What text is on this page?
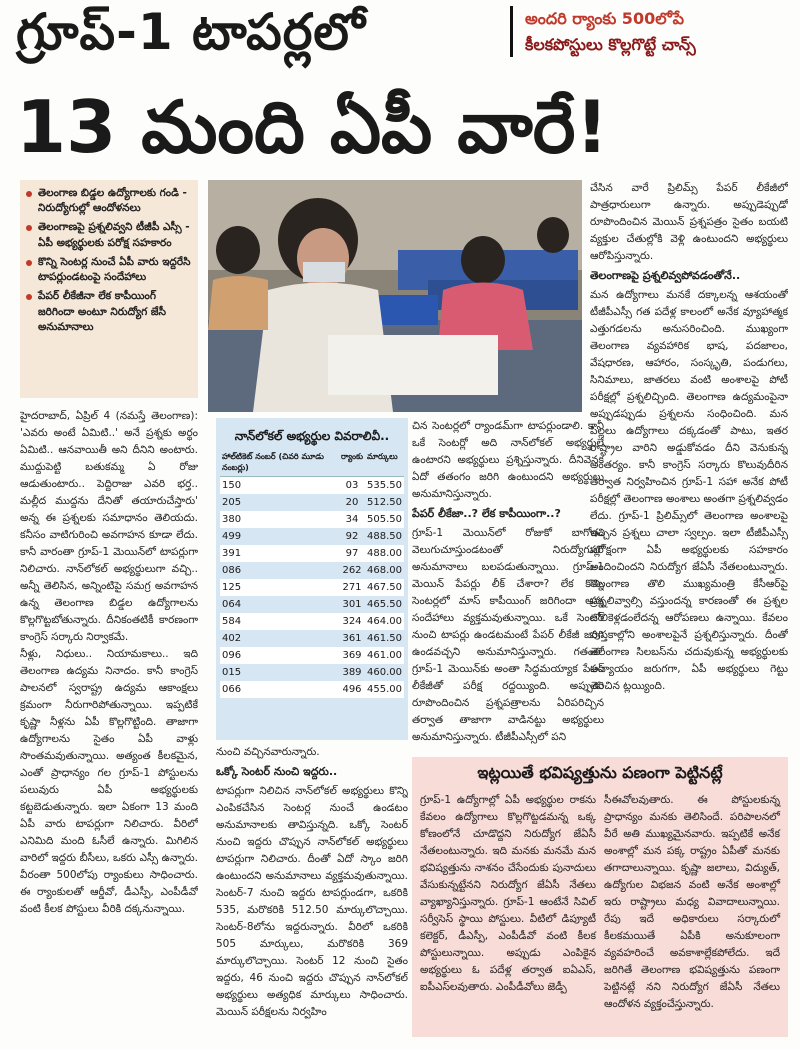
గ్రూప్-1 టాపర్లలో
13 మంది ఏపీ వారే!
అందరి ర్యాంకు 500లోపే
కీలకపోస్టులు కొల్లగొట్టే చాన్స్
తెలంగాణ బిడ్డల ఉద్యోగాలకు గండి - నిరుద్యోగుల్లో ఆందోళనలు
తెలంగాణపై ప్రశ్నలివ్వని టీజీపీ ఎస్సీ - ఏపీ అభ్యర్థులకు పరోక్ష సహకారం
కొన్ని సెంటర్ల నుంచే ఏపీ వారు ఇద్దరేసి టాపర్లుండటంపై సందేహాలు
పేపర్ లీకేజీనా లేక కాపీయింగ్ జరిగిందా అంటూ నిరుద్యోగ జేసీ అనుమానాలు

హైదరాబాద్, ఏప్రిల్ 4 (నమస్తే తెలంగాణ): 'ఎవరు అంటే ఏమిటి..' అనే ప్రశ్నకు అర్థం ఏమిటి.. ఆనవాయితీ అని దీనిని అంటారు. ముద్దుపెట్టి బతుకమ్మ ఏ రోజు ఆడుతుంటారు.. పెద్దిరాజు ఎవరి భర్త.. మల్లీద ముద్దను దేనితో తయారుచేస్తారు' అన్న ఈ ప్రశ్నలకు సమాధానం తెలియదు. కనీసం వాటిగురించి అవగాహన కూడా లేదు. కానీ వారంతా గ్రూప్-1 మెయిన్‌లో టాపర్లుగా నిలిచారు. నాన్‌లోకల్ అభ్యర్థులుగా వచ్చి.. అన్నీ తెలిసిన, అన్నింటిపై సమగ్ర అవగాహన ఉన్న తెలంగాణ బిడ్డల ఉద్యోగాలను కొల్లగొట్టబోతున్నారు. దీనికంతటికీ కారణంగా కాంగ్రెస్ సర్కారు నిర్వాకమే.

నీళ్లు, నిధులు.. నియామకాలు.. ఇది తెలంగాణ ఉద్యమ నినాదం. కానీ కాంగ్రెస్ పాలనలో స్వరాష్ట్ర ఉద్యమ ఆకాంక్షలు క్రమంగా నీరుగారిపోతున్నాయి. ఇప్పటికే కృష్ణా నీళ్లను ఏపీ కొల్లగొట్టింది. తాజాగా ఉద్యోగాలను సైతం ఏపీ వాళ్లు సొంతమవుతున్నాయి. అత్యంత కీలకమైన, ఎంతో ప్రాధాన్యం గల గ్రూప్-1 పోస్టులను పలువురు ఏపీ అభ్యర్థులకు కట్టబెడుతున్నారు. ఇలా ఏకంగా 13 మంది ఏపీ వారు టాపర్లుగా నిలిచారు. వీరిలో ఎనిమిది మంది ఓసీలే ఉన్నారు. మిగిలిన వారిలో ఇద్దరు బీసీలు, ఒకరు ఎస్సీ ఉన్నారు. వీరంతా 500లోపు ర్యాంకులు సాధించారు. ఈ ర్యాంకులతో ఆర్డీవో, డీఎస్పీ, ఎంపీడీవో వంటి కీలక పోస్టులు వీరికి దక్కనున్నాయి.

నాన్‌లోకల్ అభ్యర్థుల వివరాలివీ..
హాల్‌టికెట్ నంబర్ (చివరి మూడు నంబర్లు)	ర్యాంకు	మార్కులు
150	03	535.50
205	20	512.50
380	34	505.50
499	92	488.50
391	97	488.00
086	262	468.00
125	271	467.50
064	301	465.50
584	324	464.00
402	361	461.50
096	369	461.00
015	389	460.00
066	496	455.00

నుంచి వచ్చినవారున్నారు.

ఒక్కో సెంటర్ నుంచి ఇద్దరు..

టాపర్లుగా నిలిచిన నాన్‌లోకల్ అభ్యర్థులు కొన్ని ఎంపికచేసిన సెంటర్ల నుంచే ఉండటం అనుమానాలకు తావిస్తున్నది. ఒక్కో సెంటర్ నుంచి ఇద్దరు చొప్పున నాన్‌లోకల్ అభ్యర్థులు టాపర్లుగా నిలిచారు. దీంతో ఏదో స్కాం జరిగి ఉంటుందని అనుమానాలు వ్యక్తమవుతున్నాయి. సెంటర్-7 నుంచి ఇద్దరు టాపర్లుండగా, ఒకరికి 535, మరొకరికి 512.50 మార్కులొచ్చాయి. సెంటర్-8లోను ఇద్దరున్నారు. వీరిలో ఒకరికి 505 మార్కులు, మరొకరికి 369 మార్కులొచ్చాయి. సెంటర్ 12 నుంచి సైతం ఇద్దరు, 46 నుంచి ఇద్దరు చొప్పున నాన్‌లోకల్ అభ్యర్థులు అత్యధిక మార్కులు సాధించారు. మెయిన్ పరీక్షలను నిర్వహిం

చిన సెంటర్లలో ర్యాండమ్‌గా టాపర్లుండాలి. కానీ ఒకే సెంటర్లో అది నాన్‌లోకల్ అభ్యర్థులే ఉంటారని అభ్యర్థులు ప్రశ్నిస్తున్నారు. దీనివెనక ఏదో తతంగం జరిగి ఉంటుందని అభ్యర్థులు అనుమానిస్తున్నారు.

పేపర్ లీకేజా..? లేక కాపీయింగా..?

గ్రూప్-1 మెయిన్‌లో రోజుకో బాగోతం వెలుగుచూస్తుండటంతో నిరుద్యోగుల్లో అనుమానాలు బలపడుతున్నాయి. గ్రూప్-1 మెయిన్ పేపర్లు లీక్ చేశారా? లేక కొన్ని సెంటర్లలో మాస్ కాపీయింగ్ జరిగిందా అన్న సందేహాలు వ్యక్తమవుతున్నాయి. ఒకే సెంటర్ నుంచి టాపర్లు ఉండటమంటే పేపర్ లీకేజీ జరిగి ఉండవచ్చని అనుమానిస్తున్నారు. గతంలో గ్రూప్-1 మెయిన్‌కు అంతా సిద్ధమయ్యాక పేపర్ లీకేజీతో పరీక్ష రద్దయ్యింది. అప్పుడు రూపొందించిన ప్రశ్నపత్రాలను ఏరిపరిచ్చిన తర్వాత తాజాగా వాడినట్టు అభ్యర్థులు అనుమానిస్తున్నారు. టీజీపీఎస్సీలో పని

చేసిన వారే ప్రిలిమ్స్ పేపర్ లీకేజీలో పాత్రధారులుగా ఉన్నారు. అప్పుడెప్పుడో రూపొందించిన మెయిన్ ప్రశ్నపత్రం సైతం బయటి వ్యక్తుల చేతుల్లోకి వెళ్లి ఉంటుందని అభ్యర్థులు ఆరోపిస్తున్నారు.

తెలంగాణపై ప్రశ్నలివ్వపోవడంతోనే..

మన ఉద్యోగాలు మనకే దక్కాలన్న ఆశయంతో టీజీపీఎస్సీ గత పదేళ్ల కాలంలో అనేక వ్యూహాత్మక ఎత్తుగడలను అనుసరించింది. ముఖ్యంగా తెలంగాణ వ్యవహారిక భాష, పదజాలం, వేషధారణ, ఆహారం, సంస్కృతి, పండుగలు, సినిమాలు, జాతరలు వంటి అంశాలపై పోటీ పరీక్షల్లో ప్రశ్నలిచ్చింది. తెలంగాణ ఉద్యమంపైనా అప్పుడప్పుడు ప్రశ్నలను సంధించింది. మన పిల్లలు ఉద్యోగాలు దక్కడంతో పాటు, ఇతర రాష్ట్రాల వారిని అడ్డుకోవడం దీని వెనుకున్న అంతర్యం. కానీ కాంగ్రెస్ సర్కారు కొలువుదీరిన తర్వాత నిర్వహించిన గ్రూప్-1 సహా అనేక పోటీ పరీక్షల్లో తెలంగాణ అంశాలు అంతగా ప్రశ్నలివ్వడం లేదు. గ్రూప్-1 ప్రిలిమ్స్‌లో తెలంగాణ అంశాలపై ఇచ్చిన ప్రశ్నలు చాలా స్వల్పం. ఇలా టీజీపీఎస్సీ పరోక్షంగా ఏపీ అభ్యర్థులకు సహకారం అందించిందని నిరుద్యోగ జేఏసీ నేతలంటున్నారు. తెలంగాణ తొలి ముఖ్యమంత్రి కేసీఆర్‌పై ప్రశ్నలివ్వాల్సి వస్తుందన్న కారణంతో ఈ ప్రశ్నల జోలికెళ్లడంలేదన్న ఆరోపణలు ఉన్నాయి. కేవలం పుస్తకాల్లోని అంశాలపైనే ప్రశ్నలిస్తున్నారు. దీంతో తెలంగాణ సిలబస్‌ను చదువుకున్న అభ్యర్థులకు అన్యాయం జరుగగా, ఏపీ అభ్యర్థులు గెట్టు తెరిచిన ట్లయ్యింది.

ఇట్లయితే భవిష్యత్తును పణంగా పెట్టినట్లే
గ్రూప్-1 ఉద్యోగాల్లో ఏపీ అభ్యర్థుల రాకను కేవలం ఉద్యోగాలు కొల్లగొట్టడమన్న ఒక్క కోణంలోనే చూడొద్దని నిరుద్యోగ జేఏసీ నేతలంటున్నారు. ఇది మనకు మనమే మన భవిష్యత్తును నాశనం చేసేందుకు పునాదులు వేసుకున్నట్టేనని నిరుద్యోగ జేఏసీ నేతలు వ్యాఖ్యానిస్తున్నారు. గ్రూప్-1 ఆంటేనే సివిల్ సర్వీసెస్ స్థాయి పోస్టులు. వీటిలో డిప్యూటీ కలెక్టర్, డీఎస్పీ, ఎంపీడీవో వంటి కీలక పోస్టులున్నాయి. అప్పుడు ఎంపికైన అభ్యర్థులు ఓ పదేళ్ల తర్వాత ఐఏఎస్, ఐపీఎస్‌లవుతారు. ఎంపీడీవోలు జెడ్పీ
సీఈవోలవుతారు. ఈ పోస్టులకున్న ప్రాధాన్యం మనకు తెలిసిందే. పరిపాలనలో వీరే అతి ముఖ్యమైనవారు. ఇప్పటికే అనేక అంశాల్లో మన పక్క రాష్ట్రం ఏపీతో మనకు తగాదాలున్నాయి. కృష్ణా జలాలు, విద్యుత్, ఉద్యోగుల విభజన వంటి అనేక అంశాల్లో ఇరు రాష్ట్రాలు మధ్య వివాదాలున్నాయి. రేపు ఇదే అధికారులు సర్కారులో కీలకమయితే ఏపీకి అనుకూలంగా వ్యవహరించే అవకాశాల్లేకపోలేదు. ఇదే జరిగితే తెలంగాణ భవిష్యత్తును పణంగా పెట్టినట్లే నని నిరుద్యోగ జేఏసీ నేతలు ఆందోళన వ్యక్తంచేస్తున్నారు.
